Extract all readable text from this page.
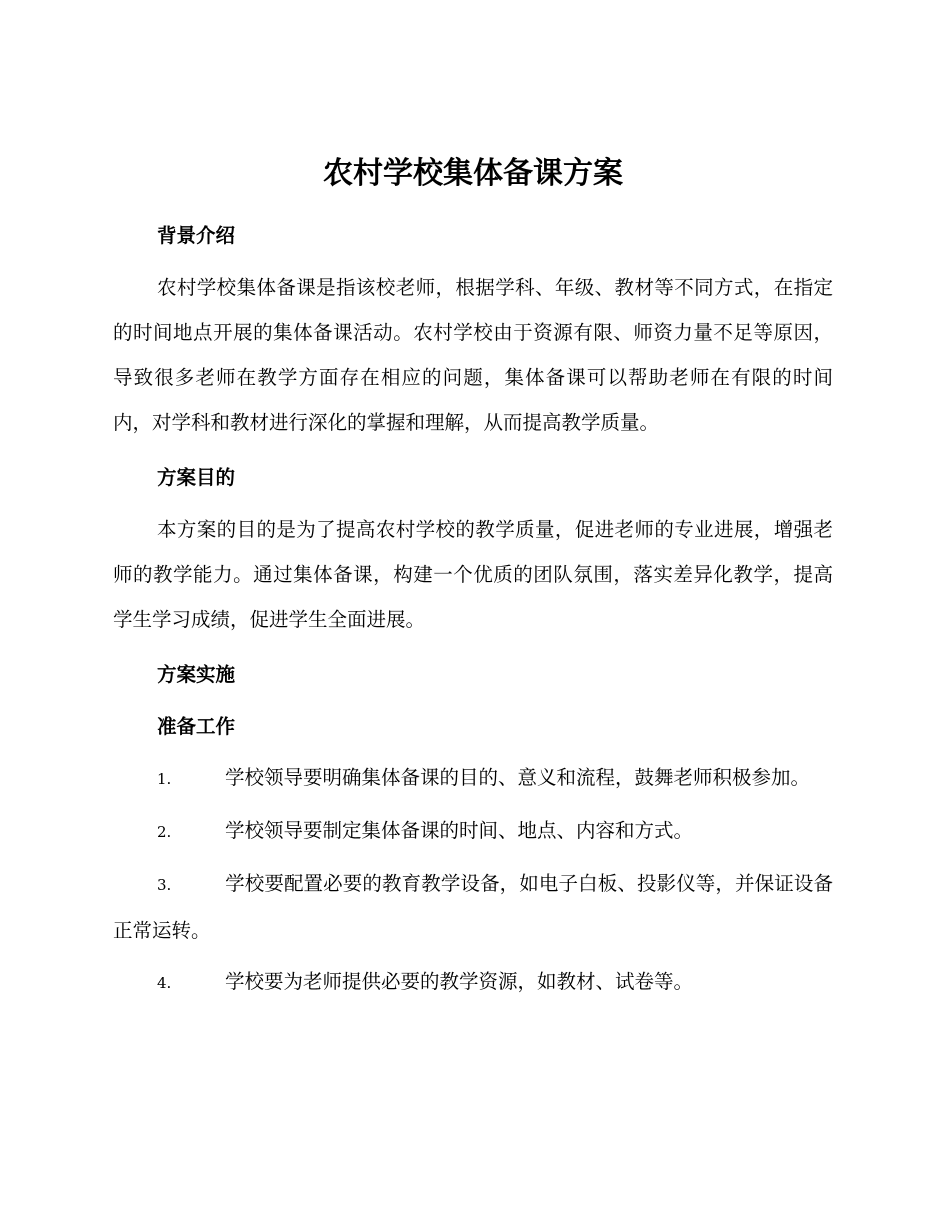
农村学校集体备课方案
背景介绍

农村学校集体备课是指该校老师，根据学科、年级、教材等不同方式，在指定的时间地点开展的集体备课活动。农村学校由于资源有限、师资力量不足等原因，导致很多老师在教学方面存在相应的问题，集体备课可以帮助老师在有限的时间内，对学科和教材进行深化的掌握和理解，从而提高教学质量。

方案目的

本方案的目的是为了提高农村学校的教学质量，促进老师的专业进展，增强老师的教学能力。通过集体备课，构建一个优质的团队氛围，落实差异化教学，提高学生学习成绩，促进学生全面进展。

方案实施
准备工作

1.	学校领导要明确集体备课的目的、意义和流程，鼓舞老师积极参加。

2.	学校领导要制定集体备课的时间、地点、内容和方式。

3.	学校要配置必要的教育教学设备，如电子白板、投影仪等，并保证设备正常运转。

4.	学校要为老师提供必要的教学资源，如教材、试卷等。
